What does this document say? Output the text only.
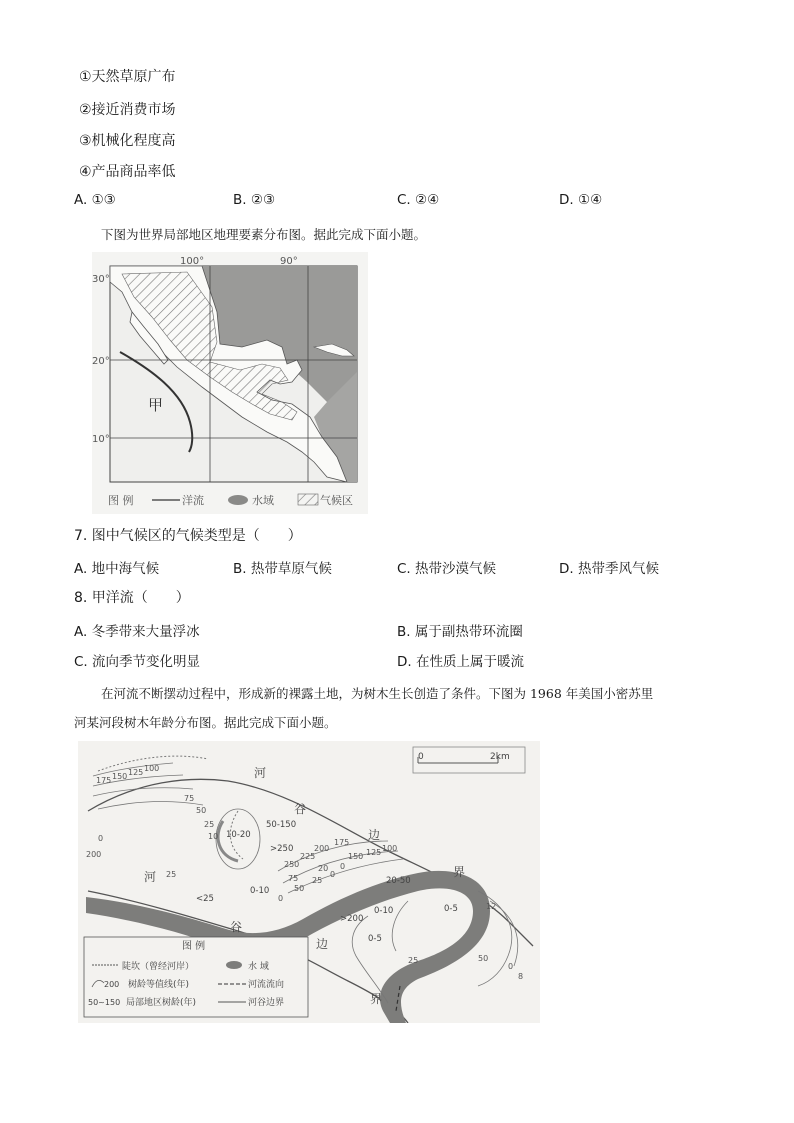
①天然草原广布
②接近消费市场
③机械化程度高
④产品商品率低
A. ①③	B. ②③	C. ②④	D. ①④
下图为世界局部地区地理要素分布图。据此完成下面小题。
甲
100°	90°
30°
20°
10°
图 例	洋流	水域	气候区
7. 图中气候区的气候类型是（　　）
A. 地中海气候	B. 热带草原气候	C. 热带沙漠气候	D. 热带季风气候
8. 甲洋流（　　）
A. 冬季带来大量浮冰	B. 属于副热带环流圈
C. 流向季节变化明显	D. 在性质上属于暖流
在河流不断摆动过程中，形成新的裸露土地，为树木生长创造了条件。下图为 1968 年美国小密苏里
河某河段树木年龄分布图。据此完成下面小题。
0	2km
河
谷
边
界
河
谷
边
界
175 150 125 100
75
50
25
10
0
200
250
225
200
175
150 125 100
75
50
25
0
20
0
25
0
12
50
25
0
8
10-20
50-150
>250
<25
0-10
20-50
>200
0-10	0-5
0-5
图 例
陡坎（曾经河岸）	水 域
200 树龄等值线(年)	河流流向
50~150 局部地区树龄(年)	河谷边界
